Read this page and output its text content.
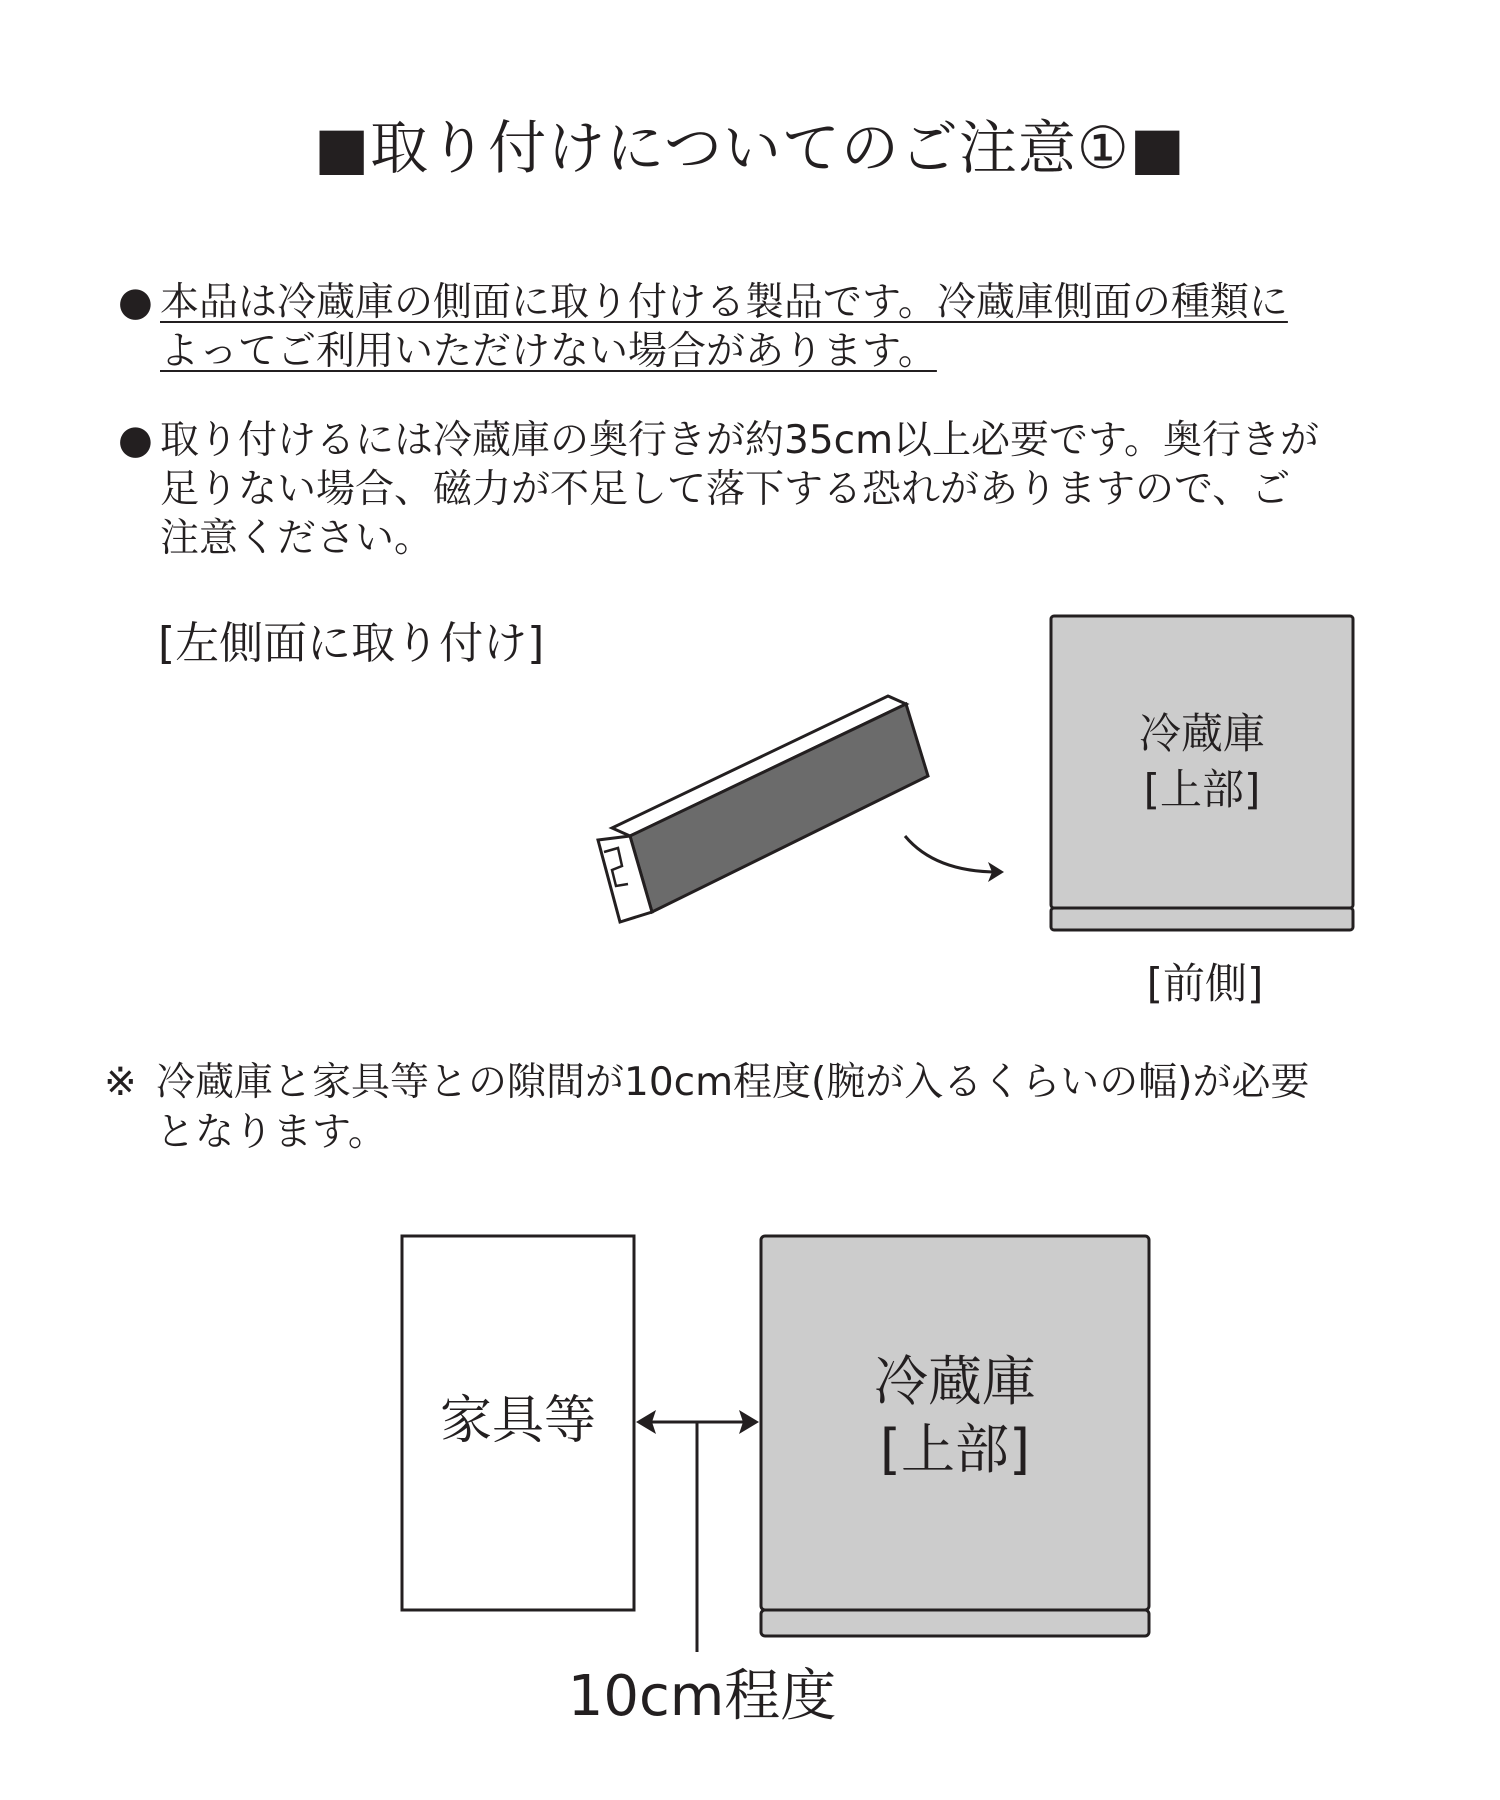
■取り付けについてのご注意①■
● 本品は冷蔵庫の側面に取り付ける製品です。冷蔵庫側面の種類に
よってご利用いただけない場合があります。
● 取り付けるには冷蔵庫の奥行きが約35cm以上必要です。奥行きが
足りない場合、磁力が不足して落下する恐れがありますので、ご
注意ください。
[左側面に取り付け]
冷蔵庫
[上部]
[前側]
※ 冷蔵庫と家具等との隙間が10cm程度(腕が入るくらいの幅)が必要
となります。
家具等
冷蔵庫
[上部]
10cm程度
